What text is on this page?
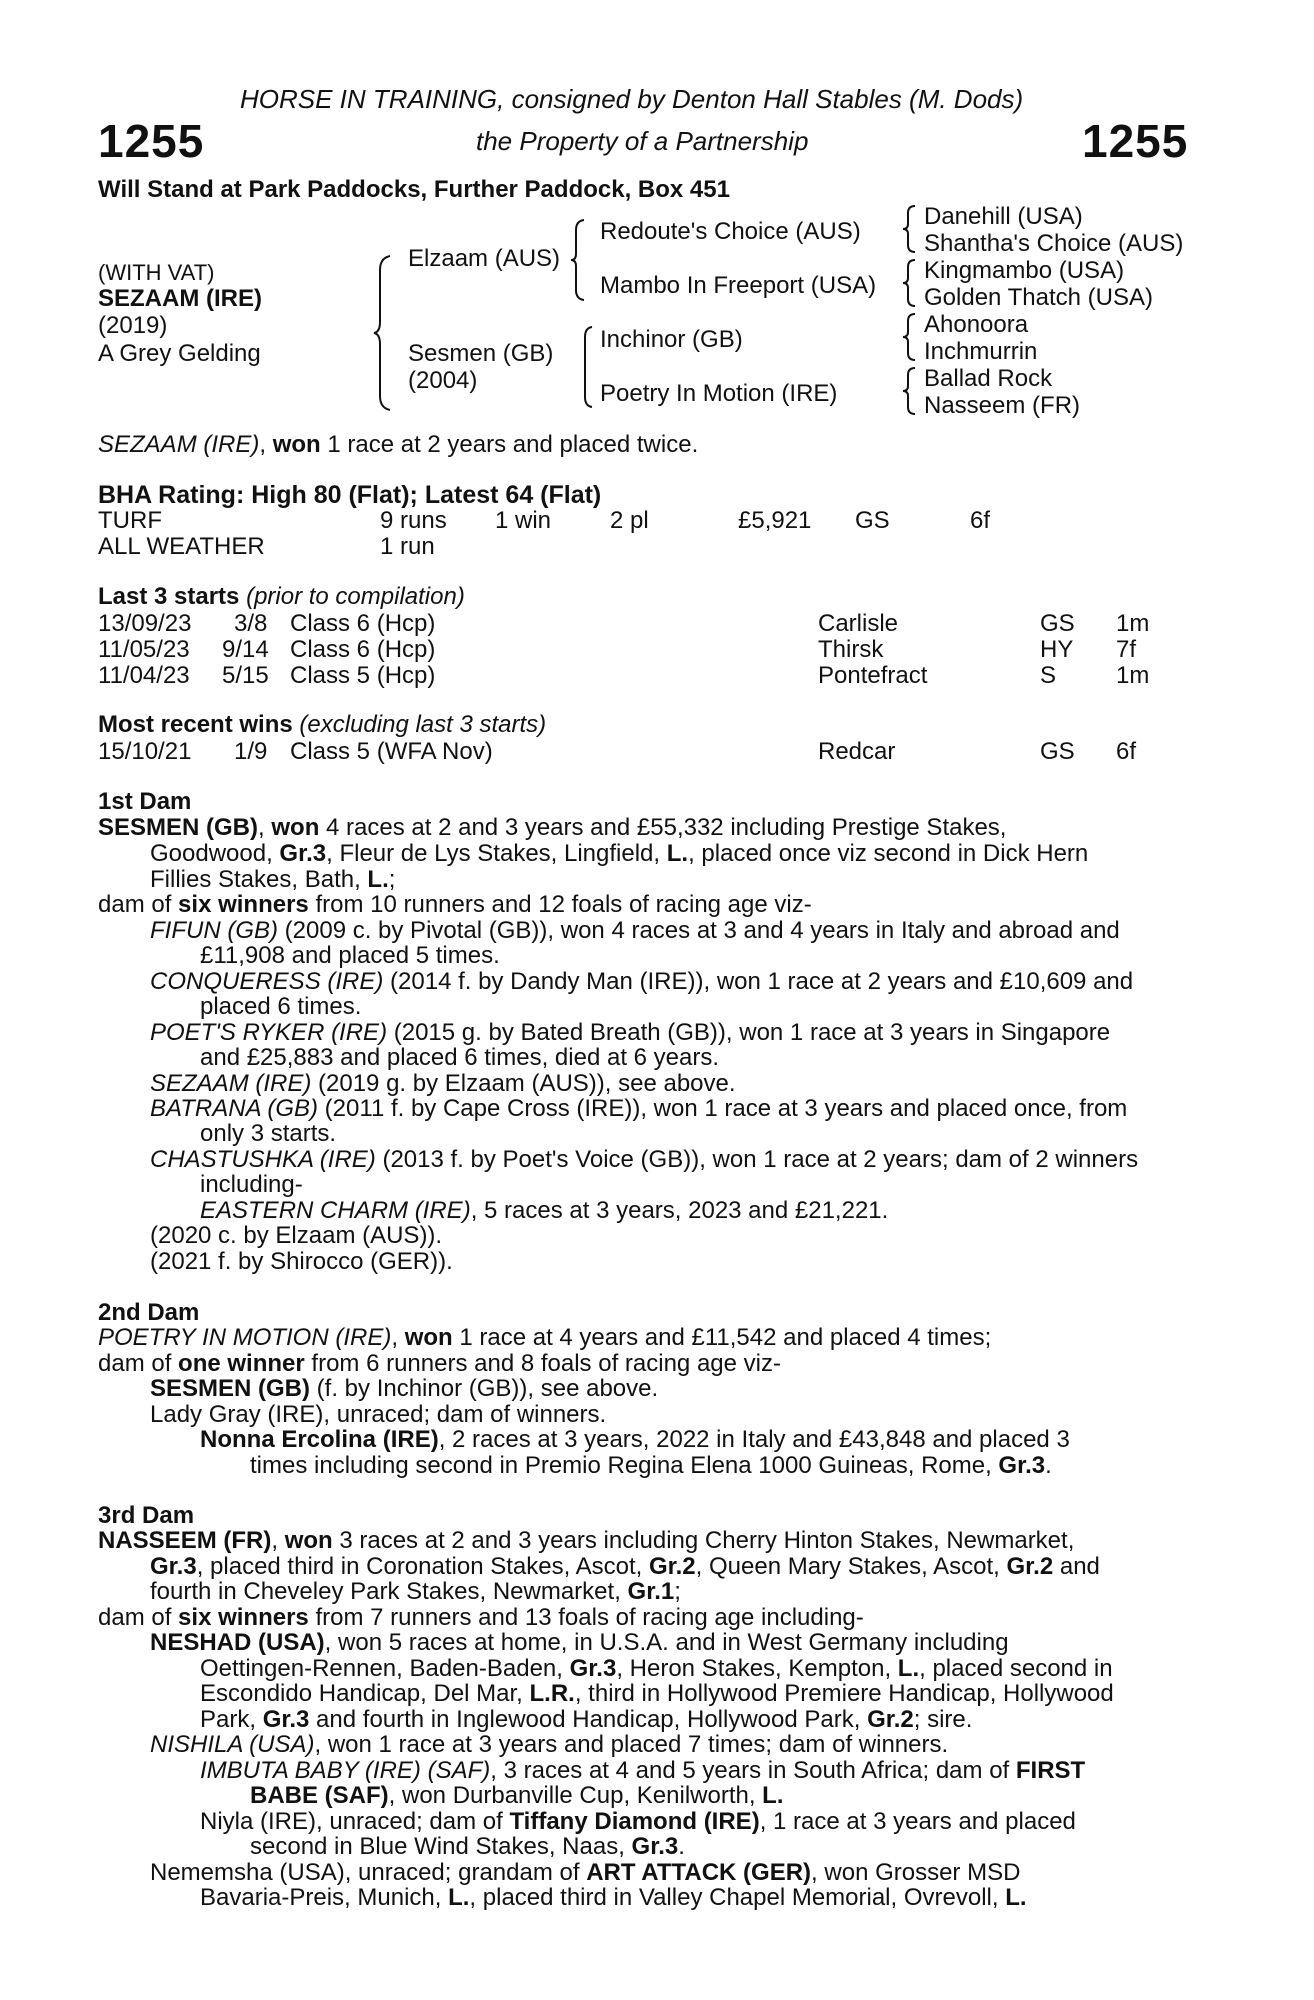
HORSE IN TRAINING, consigned by Denton Hall Stables (M. Dods)
1255	the Property of a Partnership	1255
Will Stand at Park Paddocks, Further Paddock, Box 451
(WITH VAT)
SEZAAM (IRE)
(2019)
A Grey Gelding
Elzaam (AUS)
Sesmen (GB)
(2004)
Redoute's Choice (AUS)
Mambo In Freeport (USA)
Inchinor (GB)
Poetry In Motion (IRE)
Danehill (USA)
Shantha's Choice (AUS)
Kingmambo (USA)
Golden Thatch (USA)
Ahonoora
Inchmurrin
Ballad Rock
Nasseem (FR)
SEZAAM (IRE), won 1 race at 2 years and placed twice.
BHA Rating: High 80 (Flat); Latest 64 (Flat)
TURF	9 runs 1 win 2 pl	£5,921 GS	6f
ALL WEATHER	1 run
Last 3 starts (prior to compilation)
13/09/23 3/8 Class 6 (Hcp)	Carlisle	GS 1m
11/05/23 9/14 Class 6 (Hcp)	Thirsk	HY 7f
11/04/23 5/15 Class 5 (Hcp)	Pontefract	S 1m
Most recent wins (excluding last 3 starts)
15/10/21 1/9 Class 5 (WFA Nov)	Redcar	GS 6f
1st Dam
SESMEN (GB), won 4 races at 2 and 3 years and £55,332 including Prestige Stakes,
Goodwood, Gr.3, Fleur de Lys Stakes, Lingfield, L., placed once viz second in Dick Hern
Fillies Stakes, Bath, L.;
dam of six winners from 10 runners and 12 foals of racing age viz-
FIFUN (GB) (2009 c. by Pivotal (GB)), won 4 races at 3 and 4 years in Italy and abroad and
£11,908 and placed 5 times.
CONQUERESS (IRE) (2014 f. by Dandy Man (IRE)), won 1 race at 2 years and £10,609 and
placed 6 times.
POET'S RYKER (IRE) (2015 g. by Bated Breath (GB)), won 1 race at 3 years in Singapore
and £25,883 and placed 6 times, died at 6 years.
SEZAAM (IRE) (2019 g. by Elzaam (AUS)), see above.
BATRANA (GB) (2011 f. by Cape Cross (IRE)), won 1 race at 3 years and placed once, from
only 3 starts.
CHASTUSHKA (IRE) (2013 f. by Poet's Voice (GB)), won 1 race at 2 years; dam of 2 winners
including-
EASTERN CHARM (IRE), 5 races at 3 years, 2023 and £21,221.
(2020 c. by Elzaam (AUS)).
(2021 f. by Shirocco (GER)).
2nd Dam
POETRY IN MOTION (IRE), won 1 race at 4 years and £11,542 and placed 4 times;
dam of one winner from 6 runners and 8 foals of racing age viz-
SESMEN (GB) (f. by Inchinor (GB)), see above.
Lady Gray (IRE), unraced; dam of winners.
Nonna Ercolina (IRE), 2 races at 3 years, 2022 in Italy and £43,848 and placed 3
times including second in Premio Regina Elena 1000 Guineas, Rome, Gr.3.
3rd Dam
NASSEEM (FR), won 3 races at 2 and 3 years including Cherry Hinton Stakes, Newmarket,
Gr.3, placed third in Coronation Stakes, Ascot, Gr.2, Queen Mary Stakes, Ascot, Gr.2 and
fourth in Cheveley Park Stakes, Newmarket, Gr.1;
dam of six winners from 7 runners and 13 foals of racing age including-
NESHAD (USA), won 5 races at home, in U.S.A. and in West Germany including
Oettingen-Rennen, Baden-Baden, Gr.3, Heron Stakes, Kempton, L., placed second in
Escondido Handicap, Del Mar, L.R., third in Hollywood Premiere Handicap, Hollywood
Park, Gr.3 and fourth in Inglewood Handicap, Hollywood Park, Gr.2; sire.
NISHILA (USA), won 1 race at 3 years and placed 7 times; dam of winners.
IMBUTA BABY (IRE) (SAF), 3 races at 4 and 5 years in South Africa; dam of FIRST
BABE (SAF), won Durbanville Cup, Kenilworth, L.
Niyla (IRE), unraced; dam of Tiffany Diamond (IRE), 1 race at 3 years and placed
second in Blue Wind Stakes, Naas, Gr.3.
Nememsha (USA), unraced; grandam of ART ATTACK (GER), won Grosser MSD
Bavaria-Preis, Munich, L., placed third in Valley Chapel Memorial, Ovrevoll, L.
